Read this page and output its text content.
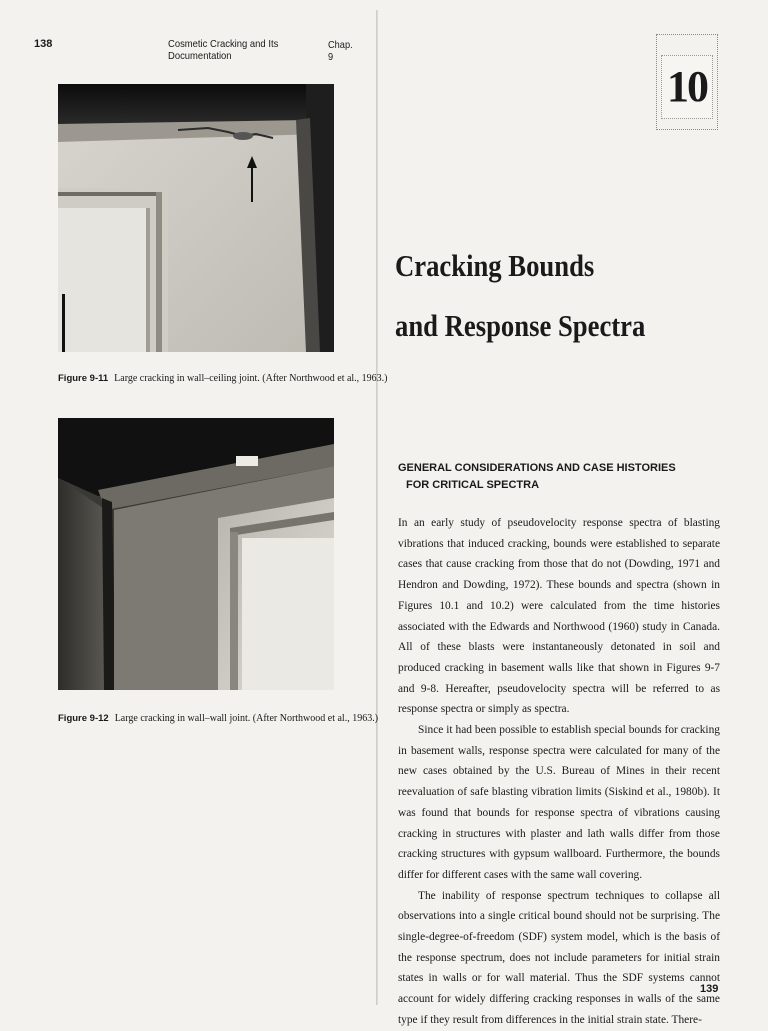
138	Cosmetic Cracking and Its Documentation
Chap. 9
Figure 9-11 Large cracking in wall–ceiling joint. (After Northwood et al., 1963.)
Figure 9-12 Large cracking in wall–wall joint. (After Northwood et al., 1963.)
10
Cracking Bounds
and Response Spectra
GENERAL CONSIDERATIONS AND CASE HISTORIES
FOR CRITICAL SPECTRA

In an early study of pseudovelocity response spectra of blasting vibrations that induced cracking, bounds were established to separate cases that cause cracking from those that do not (Dowding, 1971 and Hendron and Dowding, 1972). These bounds and spectra (shown in Figures 10.1 and 10.2) were calculated from the time histories associated with the Edwards and Northwood (1960) study in Canada. All of these blasts were instantaneously detonated in soil and produced cracking in basement walls like that shown in Figures 9-7 and 9-8. Hereafter, pseudovelocity spectra will be referred to as response spectra or simply as spectra.

Since it had been possible to establish special bounds for cracking in basement walls, response spectra were calculated for many of the new cases obtained by the U.S. Bureau of Mines in their recent reevaluation of safe blasting vibration limits (Siskind et al., 1980b). It was found that bounds for response spectra of vibrations causing cracking in structures with plaster and lath walls differ from those cracking structures with gypsum wallboard. Furthermore, the bounds differ for different cases with the same wall covering.

The inability of response spectrum techniques to collapse all observations into a single critical bound should not be surprising. The single-degree-of-freedom (SDF) system model, which is the basis of the response spectrum, does not include parameters for initial strain states in walls or for wall material. Thus the SDF systems cannot account for widely differing cracking responses in walls of the same type if they result from differences in the initial strain state. There-

139
